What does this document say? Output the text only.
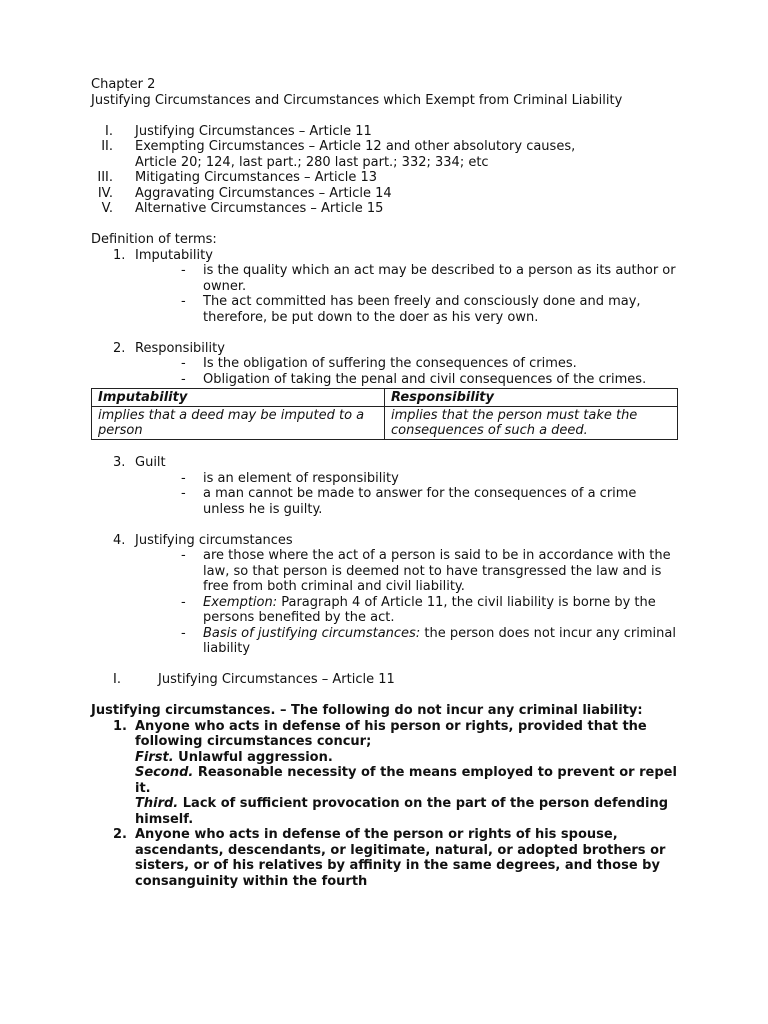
Chapter 2
Justifying Circumstances and Circumstances which Exempt from Criminal Liability
I. Justifying Circumstances – Article 11
II. Exempting Circumstances – Article 12 and other absolutory causes,
Article 20; 124, last part.; 280 last part.; 332; 334; etc
III. Mitigating Circumstances – Article 13
IV. Aggravating Circumstances – Article 14
V. Alternative Circumstances – Article 15
Definition of terms:
1. Imputability
- is the quality which an act may be described to a person as its author or owner.
- The act committed has been freely and consciously done and may, therefore, be put down to the doer as his very own.
2. Responsibility
- Is the obligation of suffering the consequences of crimes.
- Obligation of taking the penal and civil consequences of the crimes.
Imputability	Responsibility
implies that a deed may be imputed to a person	implies that the person must take the consequences of such a deed.
3. Guilt
- is an element of responsibility
- a man cannot be made to answer for the consequences of a crime unless he is guilty.
4. Justifying circumstances
- are those where the act of a person is said to be in accordance with the law, so that person is deemed not to have transgressed the law and is free from both criminal and civil liability.
- Exemption: Paragraph 4 of Article 11, the civil liability is borne by the persons benefited by the act.
- Basis of justifying circumstances: the person does not incur any criminal liability
I.	Justifying Circumstances – Article 11
Justifying circumstances. – The following do not incur any criminal liability:
1. Anyone who acts in defense of his person or rights, provided that the following circumstances concur;
First. Unlawful aggression.
Second. Reasonable necessity of the means employed to prevent or repel it.
Third. Lack of sufficient provocation on the part of the person defending himself.
2. Anyone who acts in defense of the person or rights of his spouse, ascendants, descendants, or legitimate, natural, or adopted brothers or sisters, or of his relatives by affinity in the same degrees, and those by consanguinity within the fourth
